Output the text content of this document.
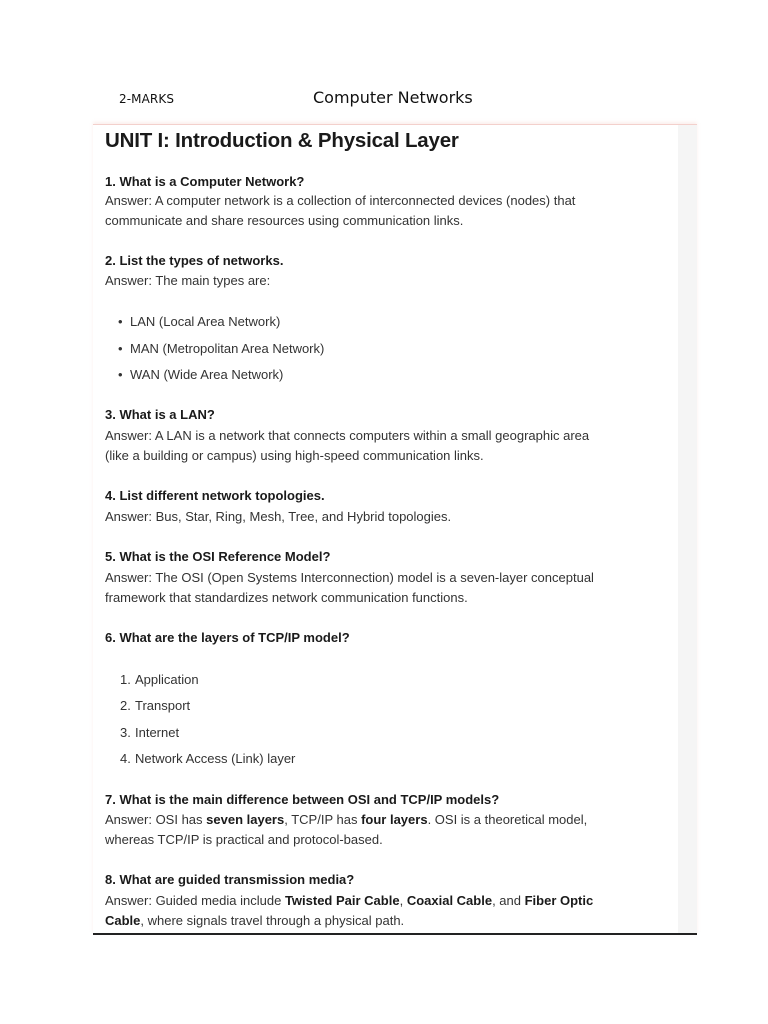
2-MARKS	Computer Networks
UNIT I: Introduction & Physical Layer
1. What is a Computer Network?
Answer: A computer network is a collection of interconnected devices (nodes) that
communicate and share resources using communication links.
2. List the types of networks.
Answer: The main types are:
• LAN (Local Area Network)
• MAN (Metropolitan Area Network)
• WAN (Wide Area Network)
3. What is a LAN?
Answer: A LAN is a network that connects computers within a small geographic area
(like a building or campus) using high-speed communication links.
4. List different network topologies.
Answer: Bus, Star, Ring, Mesh, Tree, and Hybrid topologies.
5. What is the OSI Reference Model?
Answer: The OSI (Open Systems Interconnection) model is a seven-layer conceptual
framework that standardizes network communication functions.
6. What are the layers of TCP/IP model?
1. Application
2. Transport
3. Internet
4. Network Access (Link) layer
7. What is the main difference between OSI and TCP/IP models?
Answer: OSI has seven layers, TCP/IP has four layers. OSI is a theoretical model,
whereas TCP/IP is practical and protocol-based.
8. What are guided transmission media?
Answer: Guided media include Twisted Pair Cable, Coaxial Cable, and Fiber Optic
Cable, where signals travel through a physical path.
